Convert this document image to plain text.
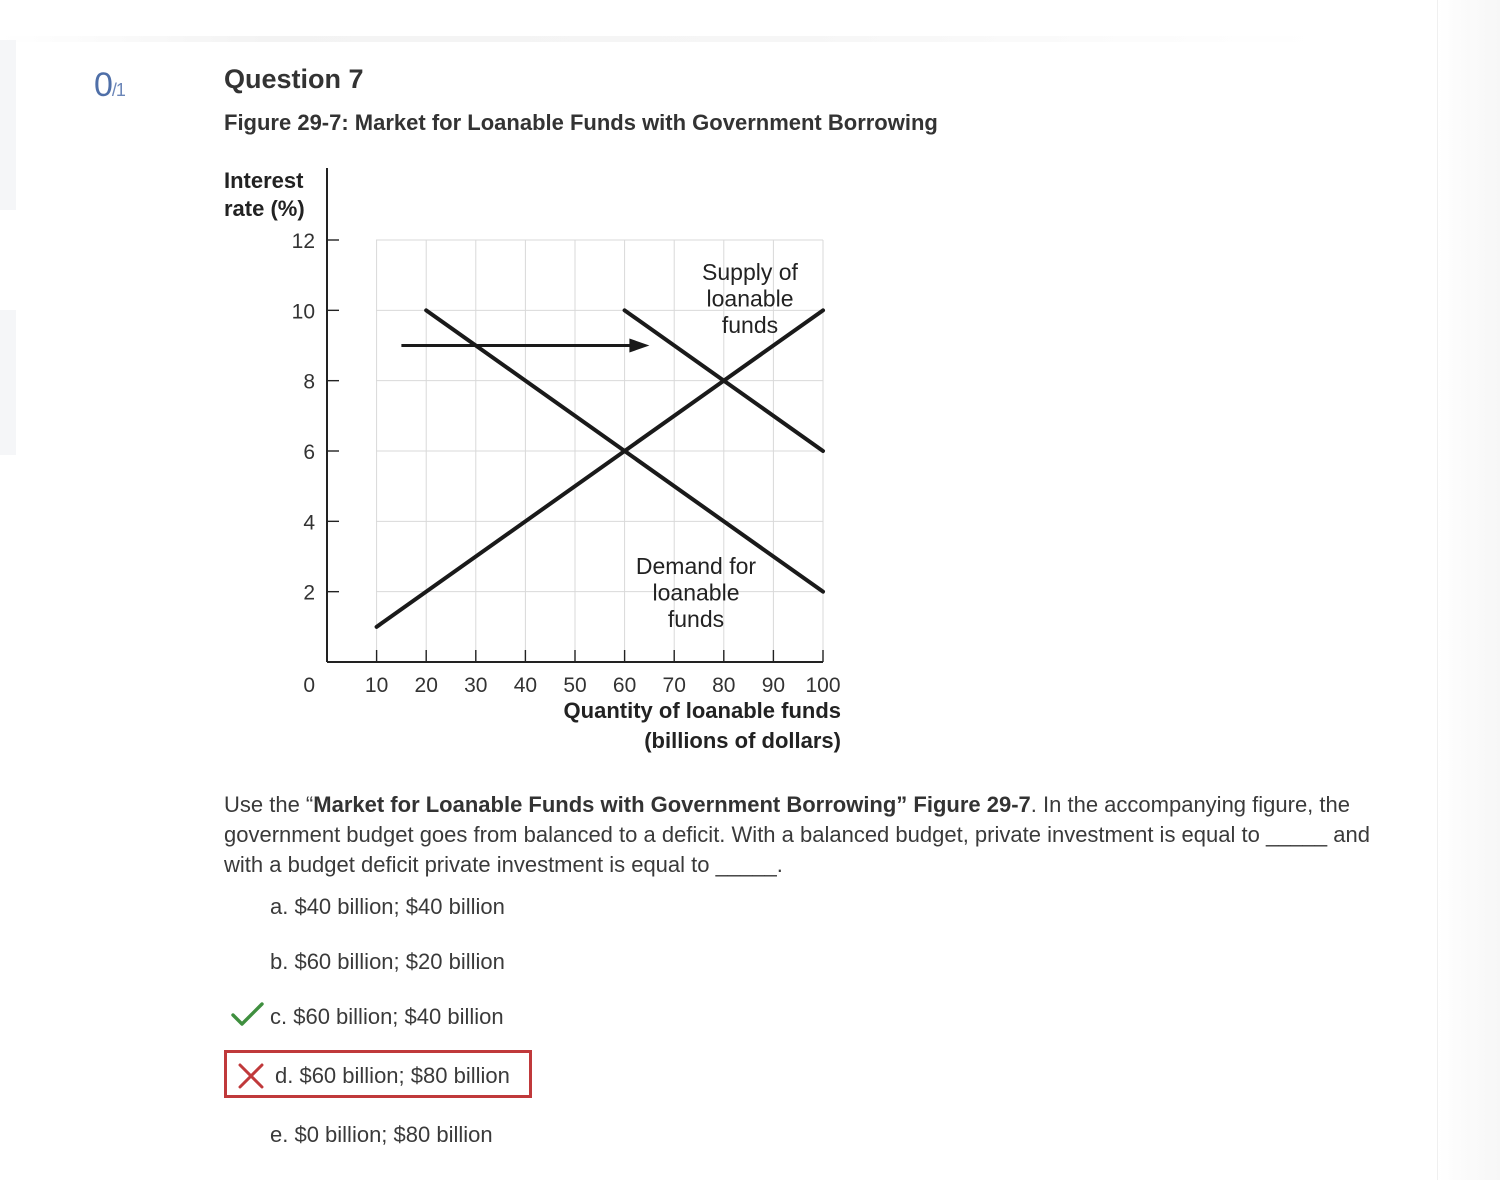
0/1	Question 7
Figure 29-7: Market for Loanable Funds with Government Borrowing
0
2
4
6
8
10
12
10 20 30 40 50 60 70 80 90 100
Interest
rate (%)
Quantity of loanable funds
(billions of dollars)
Supply of
loanable
funds
Demand for
loanable
funds
Use the “Market for Loanable Funds with Government Borrowing” Figure 29-7. In the accompanying figure, the government budget goes from balanced to a deficit. With a balanced budget, private investment is equal to _____ and with a budget deficit private investment is equal to _____.
a. $40 billion; $40 billion
b. $60 billion; $20 billion
c. $60 billion; $40 billion
d. $60 billion; $80 billion
e. $0 billion; $80 billion
